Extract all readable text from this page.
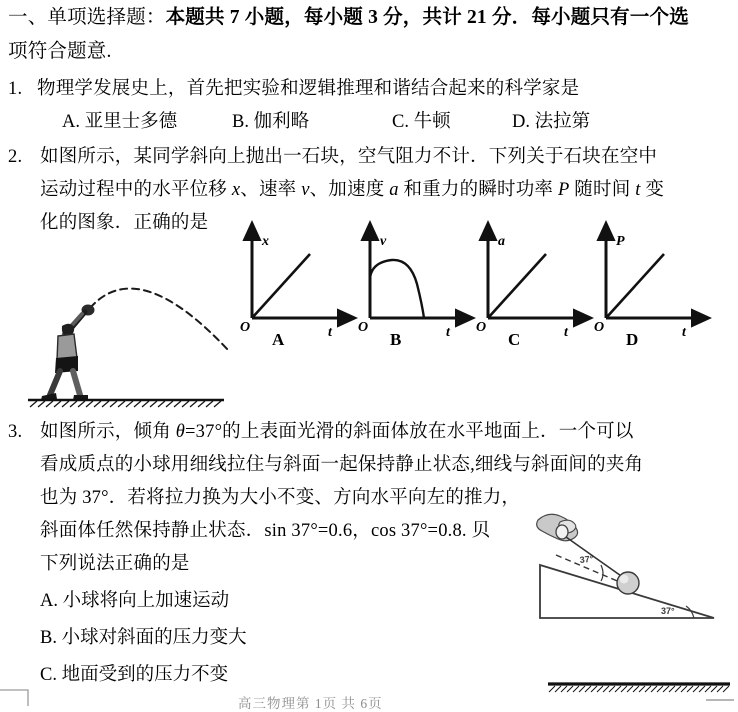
一、单项选择题：本题共 7 小题，每小题 3 分，共计 21 分．每小题只有一个选
项符合题意.
1. 物理学发展史上，首先把实验和逻辑推理和谐结合起来的科学家是
A. 亚里士多德	B. 伽利略	C. 牛顿	D. 法拉第
2. 如图所示，某同学斜向上抛出一石块，空气阻力不计．下列关于石块在空中
运动过程中的水平位移 x、速率 v、加速度 a 和重力的瞬时功率 P 随时间 t 变
化的图象．正确的是
x
t
O
A
v
t
O
B
a
t
O
C
P
t
O
D
3. 如图所示，倾角 θ=37°的上表面光滑的斜面体放在水平地面上．一个可以
看成质点的小球用细线拉住与斜面一起保持静止状态,细线与斜面间的夹角
也为 37°．若将拉力换为大小不变、方向水平向左的推力，
斜面体任然保持静止状态．sin 37°=0.6，cos 37°=0.8. 贝
下列说法正确的是
A. 小球将向上加速运动
B. 小球对斜面的压力变大
C. 地面受到的压力不变
37°
37°
高三物理第 1页 共 6页
